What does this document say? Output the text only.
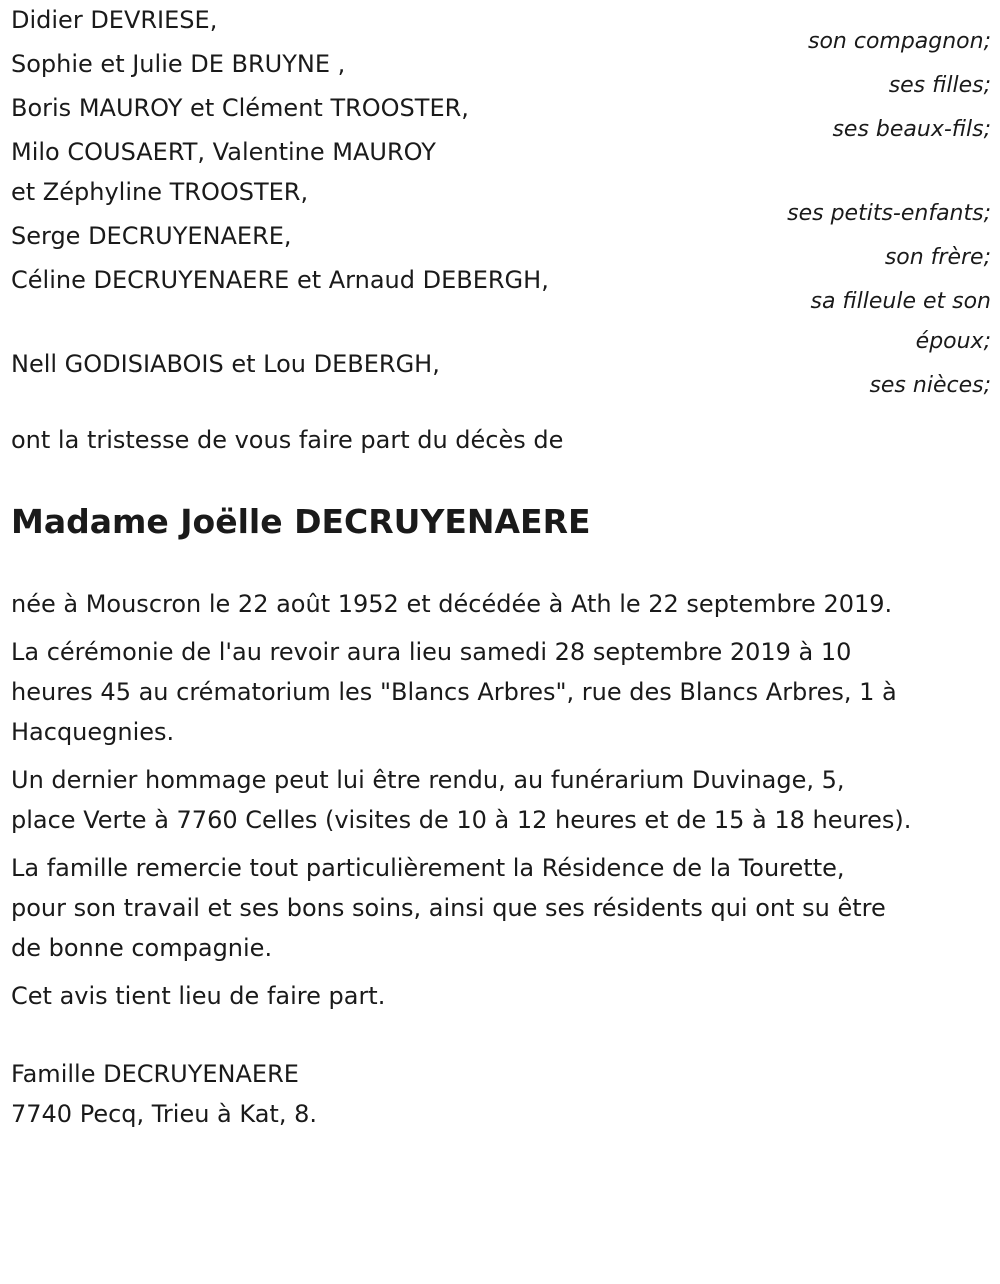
Didier DEVRIESE,
son compagnon;
Sophie et Julie DE BRUYNE ,
ses filles;
Boris MAUROY et Clément TROOSTER,
ses beaux-fils;
Milo COUSAERT, Valentine MAUROY
et Zéphyline TROOSTER,
ses petits-enfants;
Serge DECRUYENAERE,
son frère;
Céline DECRUYENAERE et Arnaud DEBERGH,
sa filleule et son
époux;
Nell GODISIABOIS et Lou DEBERGH,
ses nièces;
ont la tristesse de vous faire part du décès de
Madame Joëlle DECRUYENAERE
née à Mouscron le 22 août 1952 et décédée à Ath le 22 septembre 2019.
La cérémonie de l'au revoir aura lieu samedi 28 septembre 2019 à 10
heures 45 au crématorium les "Blancs Arbres", rue des Blancs Arbres, 1 à
Hacquegnies.
Un dernier hommage peut lui être rendu, au funérarium Duvinage, 5,
place Verte à 7760 Celles (visites de 10 à 12 heures et de 15 à 18 heures).
La famille remercie tout particulièrement la Résidence de la Tourette,
pour son travail et ses bons soins, ainsi que ses résidents qui ont su être
de bonne compagnie.
Cet avis tient lieu de faire part.
Famille DECRUYENAERE
7740 Pecq, Trieu à Kat, 8.
